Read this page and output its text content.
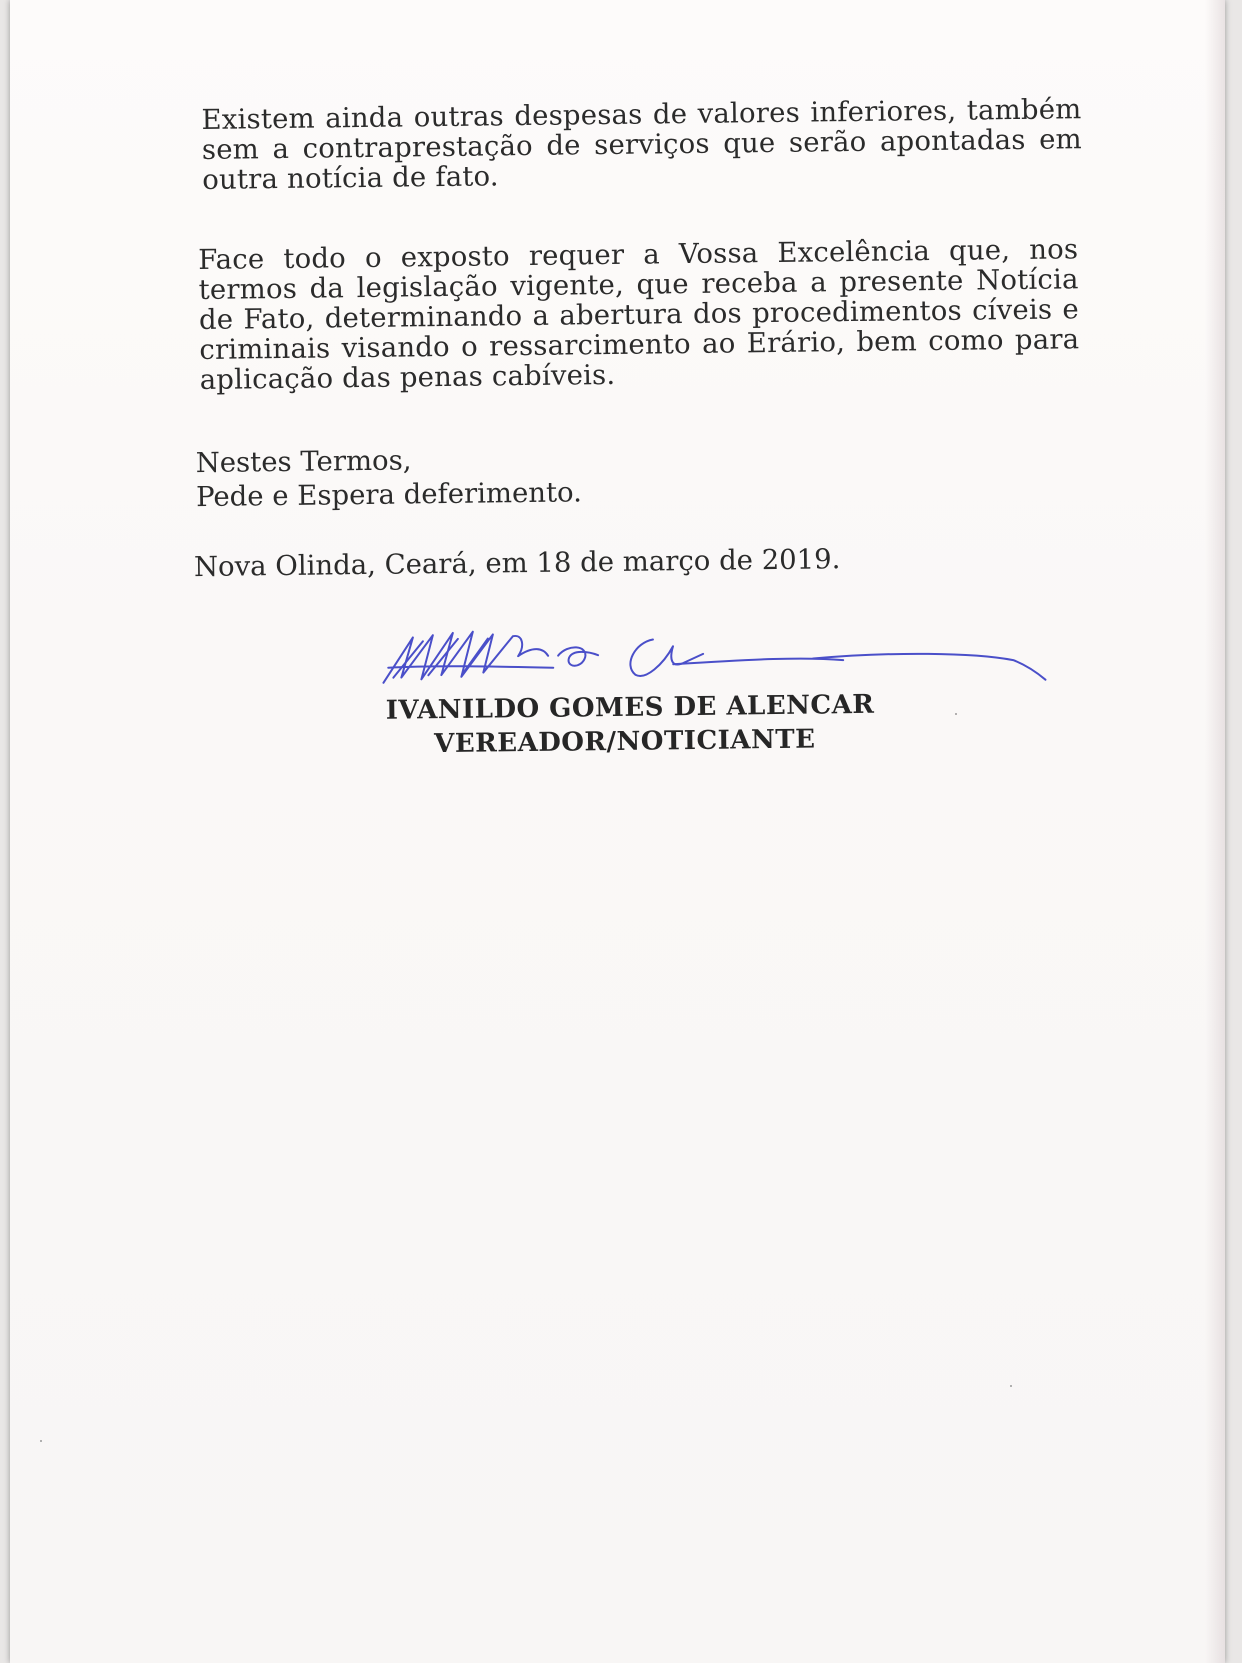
Existem ainda outras despesas de valores inferiores, também sem a contraprestação de serviços que serão apontadas em outra notícia de fato.
Face todo o exposto requer a Vossa Excelência que, nos termos da legislação vigente, que receba a presente Notícia de Fato, determinando a abertura dos procedimentos cíveis e criminais visando o ressarcimento ao Erário, bem como para aplicação das penas cabíveis.
Nestes Termos,
Pede e Espera deferimento.
Nova Olinda, Ceará, em 18 de março de 2019.
IVANILDO GOMES DE ALENCAR
VEREADOR/NOTICIANTE
